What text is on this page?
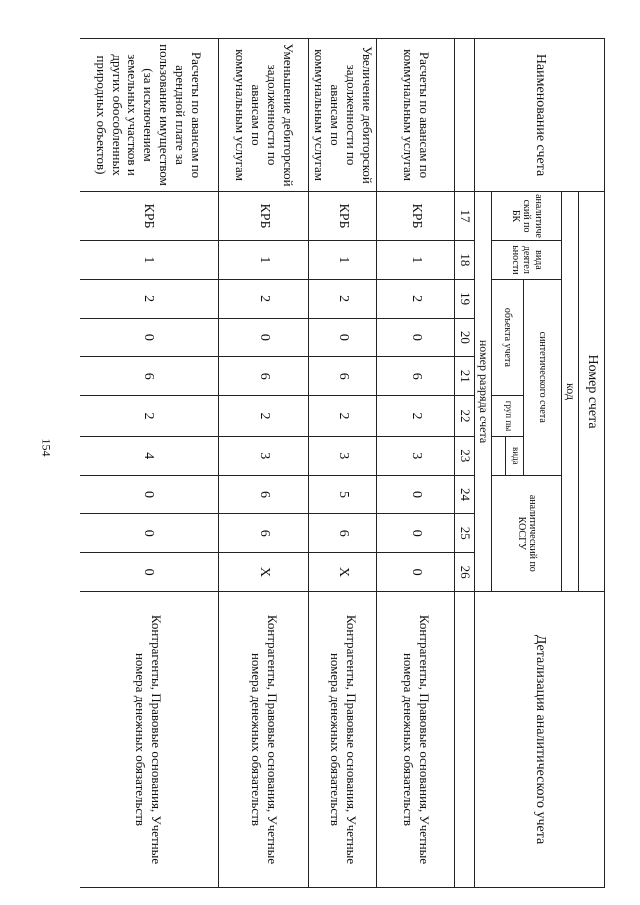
154
Наименование счета	Номер счета										Детализация аналитического учета
	код										
	аналитиче ский по БК	вида деятел ьности	синтетического счета					аналитический по КОСГУ			
			объекта учета			груп пы	вида				

	номер разряда счета										
	17	18	19	20	21	22	23	24	25	26	
Расчеты по авансам по коммунальным услугам	КРБ	1	2	0	6	2	3	0	0	0	Контрагенты, Правовые основания, Учетные номера денежных обязательств
Увеличение дебиторской задолженности по авансам по коммунальным услугам	КРБ	1	2	0	6	2	3	5	6	X	Контрагенты, Правовые основания, Учетные номера денежных обязательств
Уменьшение дебиторской задолженности по авансам по коммунальным услугам	КРБ	1	2	0	6	2	3	6	6	X	Контрагенты, Правовые основания, Учетные номера денежных обязательств
Расчеты по авансам по арендной плате за пользование имуществом (за исключением земельных участков и других обособленных природных объектов)	КРБ	1	2	0	6	2	4	0	0	0	Контрагенты, Правовые основания, Учетные номера денежных обязательств
